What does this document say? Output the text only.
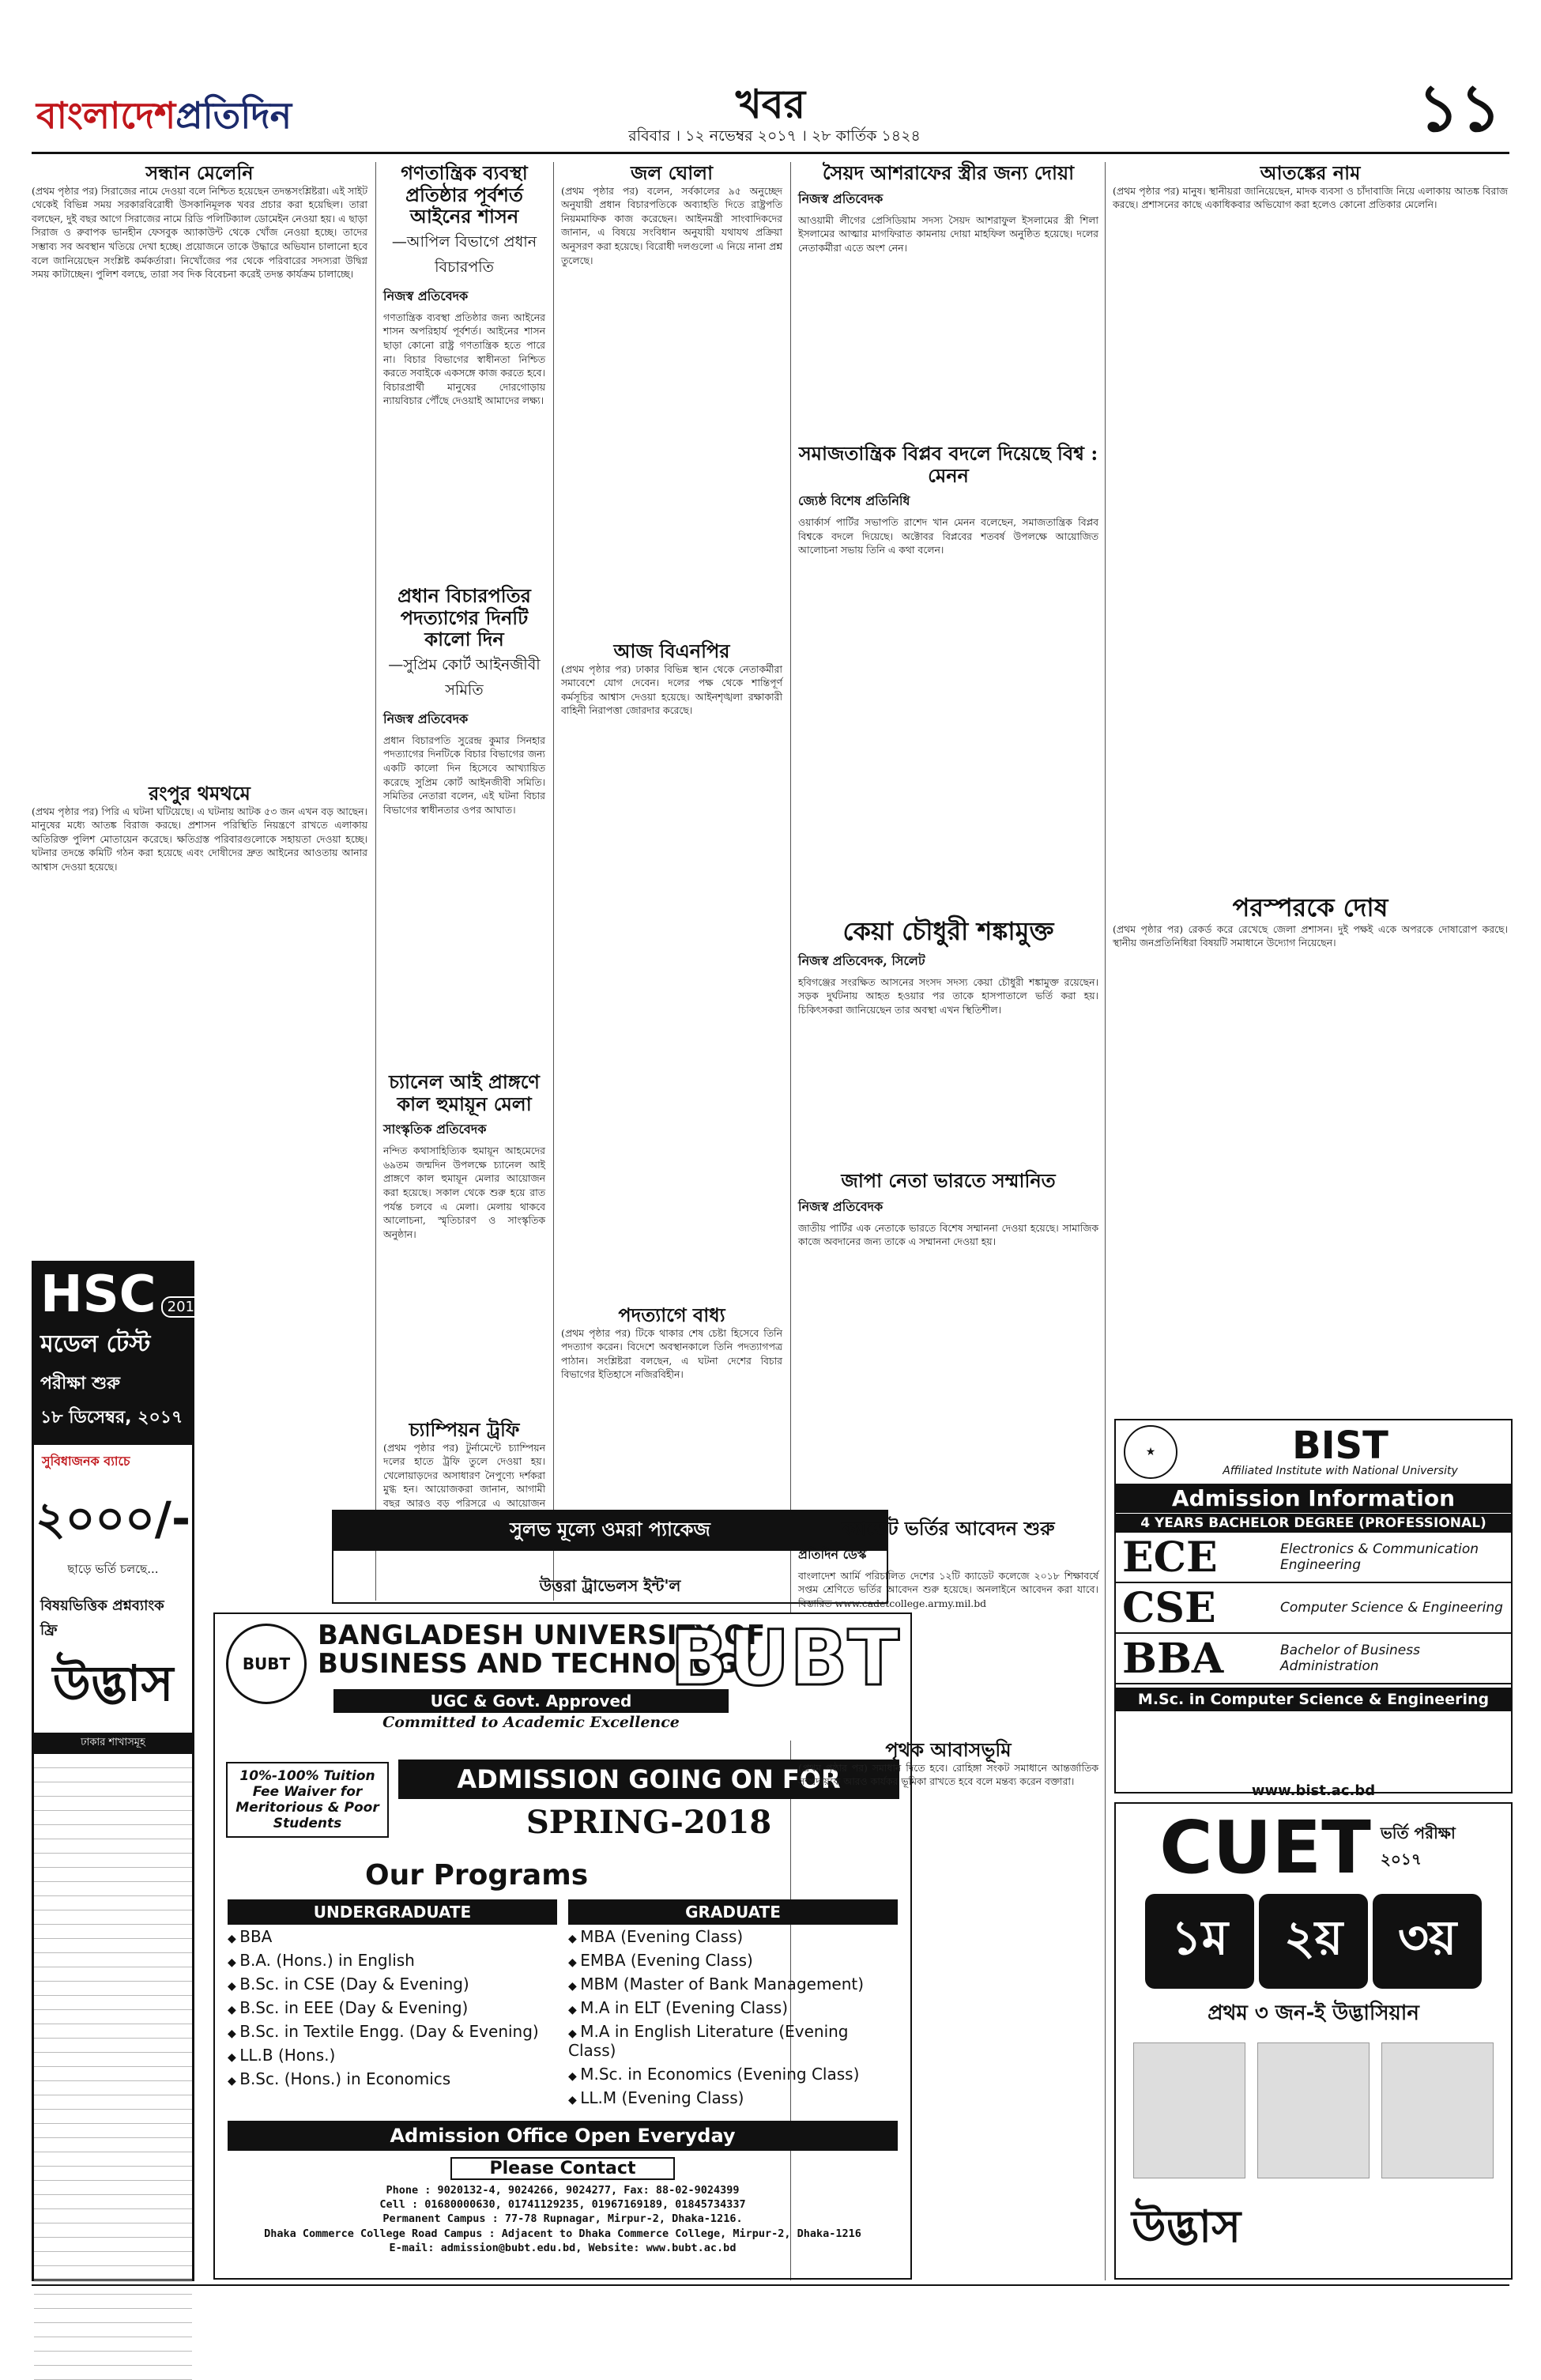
বাংলাদেশপ্রতিদিন	খবর
রবিবার । ১২ নভেম্বর ২০১৭ । ২৮ কার্তিক ১৪২৪	১১
সন্ধান মেলেনি
(প্রথম পৃষ্ঠার পর) সিরাজের নামে দেওয়া বলে নিশ্চিত হয়েছেন তদন্তসংশ্লিষ্টরা। এই সাইট থেকেই বিভিন্ন সময় সরকারবিরোধী উসকানিমূলক খবর প্রচার করা হয়েছিল। তারা বলছেন, দুই বছর আগে সিরাজের নামে রিডি পলিটিক্যাল ডোমেইন নেওয়া হয়। এ ছাড়া সিরাজ ও রুবাপক ভানহীন ফেসবুক অ্যাকাউন্ট থেকে খোঁজ নেওয়া হচ্ছে। তাদের সম্ভাব্য সব অবস্থান খতিয়ে দেখা হচ্ছে। প্রয়োজনে তাকে উদ্ধারে অভিযান চালানো হবে বলে জানিয়েছেন সংশ্লিষ্ট কর্মকর্তারা। নিখোঁজের পর থেকে পরিবারের সদস্যরা উদ্বিগ্ন সময় কাটাচ্ছেন। পুলিশ বলছে, তারা সব দিক বিবেচনা করেই তদন্ত কার্যক্রম চালাচ্ছে।
রংপুর থমথমে
(প্রথম পৃষ্ঠার পর) পিরি এ ঘটনা ঘটিয়েছে। এ ঘটনায় আটক ৫৩ জন এখন বড় আছেন। মানুষের মধ্যে আতঙ্ক বিরাজ করছে। প্রশাসন পরিস্থিতি নিয়ন্ত্রণে রাখতে এলাকায় অতিরিক্ত পুলিশ মোতায়েন করেছে। ক্ষতিগ্রস্ত পরিবারগুলোকে সহায়তা দেওয়া হচ্ছে। ঘটনার তদন্তে কমিটি গঠন করা হয়েছে এবং দোষীদের দ্রুত আইনের আওতায় আনার আশ্বাস দেওয়া হয়েছে।
HSC 2018
মডেল টেস্ট
পরীক্ষা শুরু
১৮ ডিসেম্বর, ২০১৭
সুবিধাজনক ব্যাচে
২০০০/-
ছাড়ে ভর্তি চলছে...
বিষয়ভিত্তিক প্রশ্নব্যাংক ফ্রি
উদ্ভাস
ঢাকার শাখাসমূহ
গণতান্ত্রিক ব্যবস্থা প্রতিষ্ঠার পূর্বশর্ত আইনের শাসন
—আপিল বিভাগে প্রধান বিচারপতি
নিজস্ব প্রতিবেদক
গণতান্ত্রিক ব্যবস্থা প্রতিষ্ঠার জন্য আইনের শাসন অপরিহার্য পূর্বশর্ত। আইনের শাসন ছাড়া কোনো রাষ্ট্র গণতান্ত্রিক হতে পারে না। বিচার বিভাগের স্বাধীনতা নিশ্চিত করতে সবাইকে একসঙ্গে কাজ করতে হবে। বিচারপ্রার্থী মানুষের দোরগোড়ায় ন্যায়বিচার পৌঁছে দেওয়াই আমাদের লক্ষ্য।
প্রধান বিচারপতির পদত্যাগের দিনটি কালো দিন
—সুপ্রিম কোর্ট আইনজীবী সমিতি
নিজস্ব প্রতিবেদক
প্রধান বিচারপতি সুরেন্দ্র কুমার সিনহার পদত্যাগের দিনটিকে বিচার বিভাগের জন্য একটি কালো দিন হিসেবে আখ্যায়িত করেছে সুপ্রিম কোর্ট আইনজীবী সমিতি। সমিতির নেতারা বলেন, এই ঘটনা বিচার বিভাগের স্বাধীনতার ওপর আঘাত।
চ্যানেল আই প্রাঙ্গণে কাল হুমায়ূন মেলা
সাংস্কৃতিক প্রতিবেদক
নন্দিত কথাসাহিত্যিক হুমায়ূন আহমেদের ৬৯তম জন্মদিন উপলক্ষে চ্যানেল আই প্রাঙ্গণে কাল হুমায়ূন মেলার আয়োজন করা হয়েছে। সকাল থেকে শুরু হয়ে রাত পর্যন্ত চলবে এ মেলা। মেলায় থাকবে আলোচনা, স্মৃতিচারণ ও সাংস্কৃতিক অনুষ্ঠান।
চ্যাম্পিয়ন ট্রফি
(প্রথম পৃষ্ঠার পর) টুর্নামেন্টে চ্যাম্পিয়ন দলের হাতে ট্রফি তুলে দেওয়া হয়। খেলোয়াড়দের অসাধারণ নৈপুণ্যে দর্শকরা মুগ্ধ হন। আয়োজকরা জানান, আগামী বছর আরও বড় পরিসরে এ আয়োজন
সুলভ মূল্যে ওমরা প্যাকেজ
উত্তরা ট্রাভেলস ইন্ট'ল
জল ঘোলা
(প্রথম পৃষ্ঠার পর) বলেন, সর্বকালের ৯৫ অনুচ্ছেদ অনুযায়ী প্রধান বিচারপতিকে অব্যাহতি দিতে রাষ্ট্রপতি নিয়মমাফিক কাজ করেছেন। আইনমন্ত্রী সাংবাদিকদের জানান, এ বিষয়ে সংবিধান অনুযায়ী যথাযথ প্রক্রিয়া অনুসরণ করা হয়েছে। বিরোধী দলগুলো এ নিয়ে নানা প্রশ্ন তুলেছে।
আজ বিএনপির
(প্রথম পৃষ্ঠার পর) ঢাকার বিভিন্ন স্থান থেকে নেতাকর্মীরা সমাবেশে যোগ দেবেন। দলের পক্ষ থেকে শান্তিপূর্ণ কর্মসূচির আশ্বাস দেওয়া হয়েছে। আইনশৃঙ্খলা রক্ষাকারী বাহিনী নিরাপত্তা জোরদার করেছে।
পদত্যাগে বাধ্য
(প্রথম পৃষ্ঠার পর) টিকে থাকার শেষ চেষ্টা হিসেবে তিনি পদত্যাগ করেন। বিদেশে অবস্থানকালে তিনি পদত্যাগপত্র পাঠান। সংশ্লিষ্টরা বলছেন, এ ঘটনা দেশের বিচার বিভাগের ইতিহাসে নজিরবিহীন।
BUBT
BANGLADESH UNIVERSITY OF
BUSINESS AND TECHNOLOGY
UGC & Govt. Approved
Committed to Academic Excellence
BUBT
10%-100% Tuition Fee Waiver for Meritorious & Poor Students
ADMISSION GOING ON FOR
SPRING-2018
Our Programs
UNDERGRADUATE
◆ BBA
◆ B.A. (Hons.) in English
◆ B.Sc. in CSE (Day & Evening)
◆ B.Sc. in EEE (Day & Evening)
◆ B.Sc. in Textile Engg. (Day & Evening)
◆ LL.B (Hons.)
◆ B.Sc. (Hons.) in Economics
GRADUATE
◆ MBA (Evening Class)
◆ EMBA (Evening Class)
◆ MBM (Master of Bank Management)
◆ M.A in ELT (Evening Class)
◆ M.A in English Literature (Evening Class)
◆ M.Sc. in Economics (Evening Class)
◆ LL.M (Evening Class)
Admission Office Open Everyday
Please Contact
Phone : 9020132-4, 9024266, 9024277, Fax: 88-02-9024399
Cell : 01680000630, 01741129235, 01967169189, 01845734337
Permanent Campus : 77-78 Rupnagar, Mirpur-2, Dhaka-1216.
Dhaka Commerce College Road Campus : Adjacent to Dhaka Commerce College, Mirpur-2, Dhaka-1216
E-mail: admission@bubt.edu.bd, Website: www.bubt.ac.bd
সৈয়দ আশরাফের স্ত্রীর জন্য দোয়া
নিজস্ব প্রতিবেদক
আওয়ামী লীগের প্রেসিডিয়াম সদস্য সৈয়দ আশরাফুল ইসলামের স্ত্রী শিলা ইসলামের আত্মার মাগফিরাত কামনায় দোয়া মাহফিল অনুষ্ঠিত হয়েছে। দলের নেতাকর্মীরা এতে অংশ নেন।
সমাজতান্ত্রিক বিপ্লব বদলে দিয়েছে বিশ্ব : মেনন
জ্যেষ্ঠ বিশেষ প্রতিনিধি
ওয়ার্কার্স পার্টির সভাপতি রাশেদ খান মেনন বলেছেন, সমাজতান্ত্রিক বিপ্লব বিশ্বকে বদলে দিয়েছে। অক্টোবর বিপ্লবের শতবর্ষ উপলক্ষে আয়োজিত আলোচনা সভায় তিনি এ কথা বলেন।
কেয়া চৌধুরী শঙ্কামুক্ত
নিজস্ব প্রতিবেদক, সিলেট
হবিগঞ্জের সংরক্ষিত আসনের সংসদ সদস্য কেয়া চৌধুরী শঙ্কামুক্ত রয়েছেন। সড়ক দুর্ঘটনায় আহত হওয়ার পর তাকে হাসপাতালে ভর্তি করা হয়। চিকিৎসকরা জানিয়েছেন তার অবস্থা এখন স্থিতিশীল।
জাপা নেতা ভারতে সম্মানিত
নিজস্ব প্রতিবেদক
জাতীয় পার্টির এক নেতাকে ভারতে বিশেষ সম্মাননা দেওয়া হয়েছে। সামাজিক কাজে অবদানের জন্য তাকে এ সম্মাননা দেওয়া হয়।
ক্যাডেট ভর্তির আবেদন শুরু
প্রতিদিন ডেস্ক
বাংলাদেশ আর্মি পরিচালিত দেশের ১২টি ক্যাডেট কলেজে ২০১৮ শিক্ষাবর্ষে সপ্তম শ্রেণিতে ভর্তির আবেদন শুরু হয়েছে। অনলাইনে আবেদন করা যাবে। বিস্তারিত www.cadetcollege.army.mil.bd
পৃথক আবাসভূমি
(প্রথম পৃষ্ঠার পর) সমাধান দিতে হবে। রোহিঙ্গা সংকট সমাধানে আন্তর্জাতিক সম্প্রদায়কে আরও কার্যকর ভূমিকা রাখতে হবে বলে মন্তব্য করেন বক্তারা।
আতঙ্কের নাম
(প্রথম পৃষ্ঠার পর) মানুষ। স্থানীয়রা জানিয়েছেন, মাদক ব্যবসা ও চাঁদাবাজি নিয়ে এলাকায় আতঙ্ক বিরাজ করছে। প্রশাসনের কাছে একাধিকবার অভিযোগ করা হলেও কোনো প্রতিকার মেলেনি।
পরস্পরকে দোষ
(প্রথম পৃষ্ঠার পর) রেকর্ড করে রেখেছে জেলা প্রশাসন। দুই পক্ষই একে অপরকে দোষারোপ করছে। স্থানীয় জনপ্রতিনিধিরা বিষয়টি সমাধানে উদ্যোগ নিয়েছেন।
★	BIST
Affiliated Institute with National University
Admission Information
4 YEARS BACHELOR DEGREE (PROFESSIONAL)
ECE	Electronics & Communication Engineering
CSE	Computer Science & Engineering
BBA	Bachelor of Business Administration
M.Sc. in Computer Science & Engineering
www.bist.ac.bd
CUET ভর্তি পরীক্ষা ২০১৭
১ম	২য়	৩য়
প্রথম ৩ জন-ই উদ্ভাসিয়ান
উদ্ভাস
